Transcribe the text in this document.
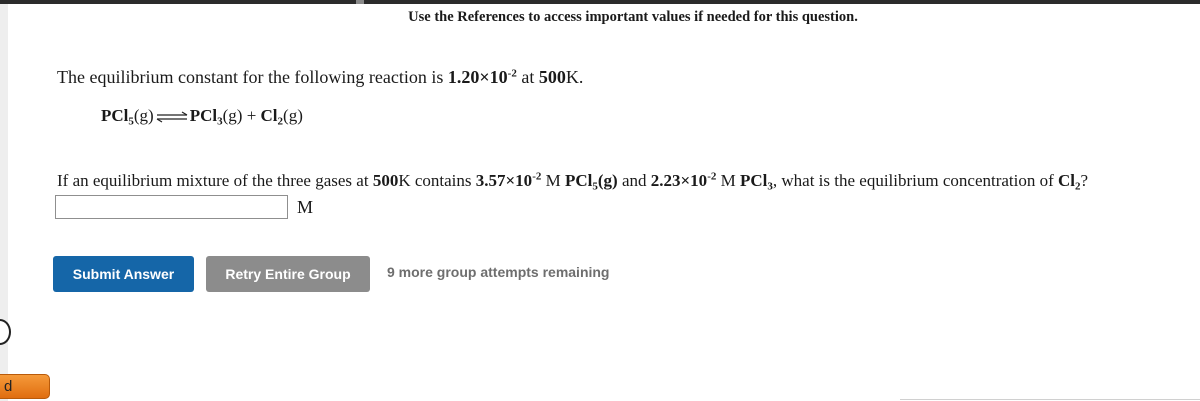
d
Use the References to access important values if needed for this question.
The equilibrium constant for the following reaction is $1.20\times 10^{-2}$ at 500K.
PCl$_5$(g)⇌PCl$_3$(g) + $Cl_2(g)$
If an equilibrium mixture of the three gases at 500K contains $3.57\times 10^{-2}$ M PCl$_5$(g) and $2.23\times 10^{-2}$ M PCl$_3$, what is the equilibrium concentration of $Cl_2$?
M
Submit Answer	Retry Entire Group	9 more group attempts remaining
